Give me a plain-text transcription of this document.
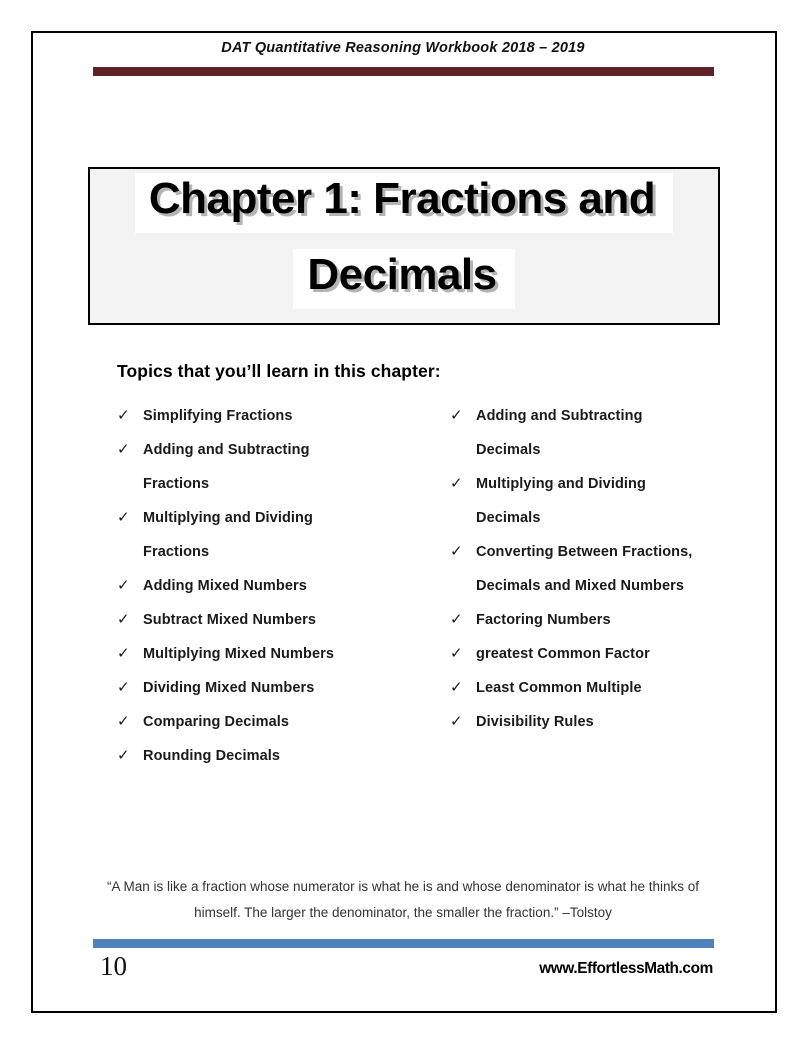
DAT Quantitative Reasoning Workbook 2018 – 2019
Chapter 1: Fractions and
Decimals
Topics that you’ll learn in this chapter:
✓ Simplifying Fractions
✓ Adding and Subtracting
Fractions
✓ Multiplying and Dividing
Fractions
✓ Adding Mixed Numbers
✓ Subtract Mixed Numbers
✓ Multiplying Mixed Numbers
✓ Dividing Mixed Numbers
✓ Comparing Decimals
✓ Rounding Decimals
✓ Adding and Subtracting
Decimals
✓ Multiplying and Dividing
Decimals
✓ Converting Between Fractions,
Decimals and Mixed Numbers
✓ Factoring Numbers
✓ greatest Common Factor
✓ Least Common Multiple
✓ Divisibility Rules
“A Man is like a fraction whose numerator is what he is and whose denominator is what he thinks of himself. The larger the denominator, the smaller the fraction.” –Tolstoy
10	www.EffortlessMath.com
